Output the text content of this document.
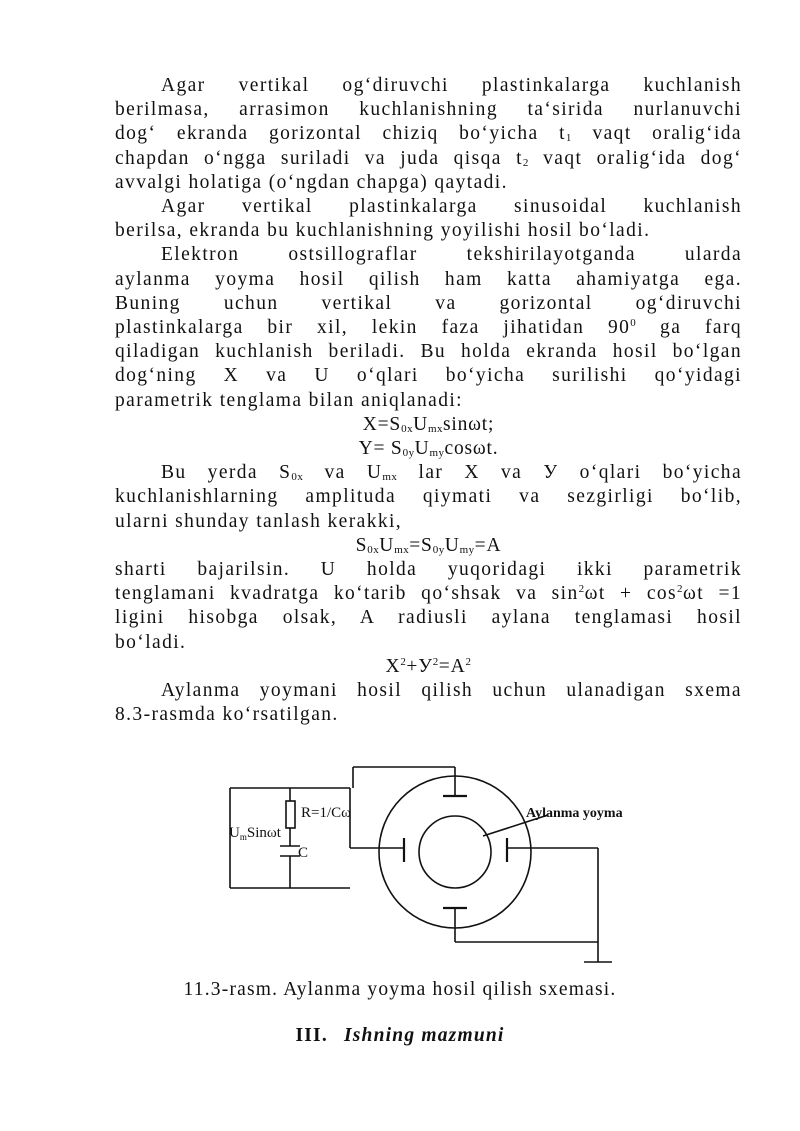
Agar vertikal og‘diruvchi plastinkalarga kuchlanish

berilmasa, arrasimon kuchlanishning ta‘sirida nurlanuvchi

dog‘ ekranda gorizontal chiziq bo‘yicha $t_1$ vaqt oralig‘ida

chapdan o‘ngga suriladi va juda qisqa $t_2$ vaqt oralig‘ida dog‘

avvalgi holatiga (o‘ngdan chapga) qaytadi.

Agar vertikal plastinkalarga sinusoidal kuchlanish

berilsa, ekranda bu kuchlanishning yoyilishi hosil bo‘ladi.

Elektron ostsillograflar tekshirilayotganda ularda

aylanma yoyma hosil qilish ham katta ahamiyatga ega.

Buning uchun vertikal va gorizontal og‘diruvchi

plastinkalarga bir xil, lekin faza jihatidan $90^0$ ga farq

qiladigan kuchlanish beriladi. Bu holda ekranda hosil bo‘lgan

dog‘ning X va U o‘qlari bo‘yicha surilishi qo‘yidagi

parametrik tenglama bilan aniqlanadi:

$X=S_{0x}U_{mx}\sin\omega t$;

$Y= S_{0y}U_{my}\cos\omega t$.

Bu yerda $S_{0x}$ va $U_{mx}$ lar X va У o‘qlari bo‘yicha

kuchlanishlarning amplituda qiymati va sezgirligi bo‘lib,

ularni shunday tanlash kerakki,

$S_{0x}U_{mx}=S_{0y}U_{my}=A$

sharti bajarilsin. U holda yuqoridagi ikki parametrik

tenglamani kvadratga ko‘tarib qo‘shsak va $\sin^2\omega t + \cos^2\omega t =1$

ligini hisobga olsak, A radiusli aylana tenglamasi hosil

bo‘ladi.

$X^2+У^2=A^2$

Aylanma yoymani hosil qilish uchun ulanadigan sxema

8.3-rasmda ko‘rsatilgan.

R=1/Cω
$U_mSin\omega t$
C
Aylanma yoyma
11.3-rasm. Aylanma yoyma hosil qilish sxemasi.
III. Ishning mazmuni
